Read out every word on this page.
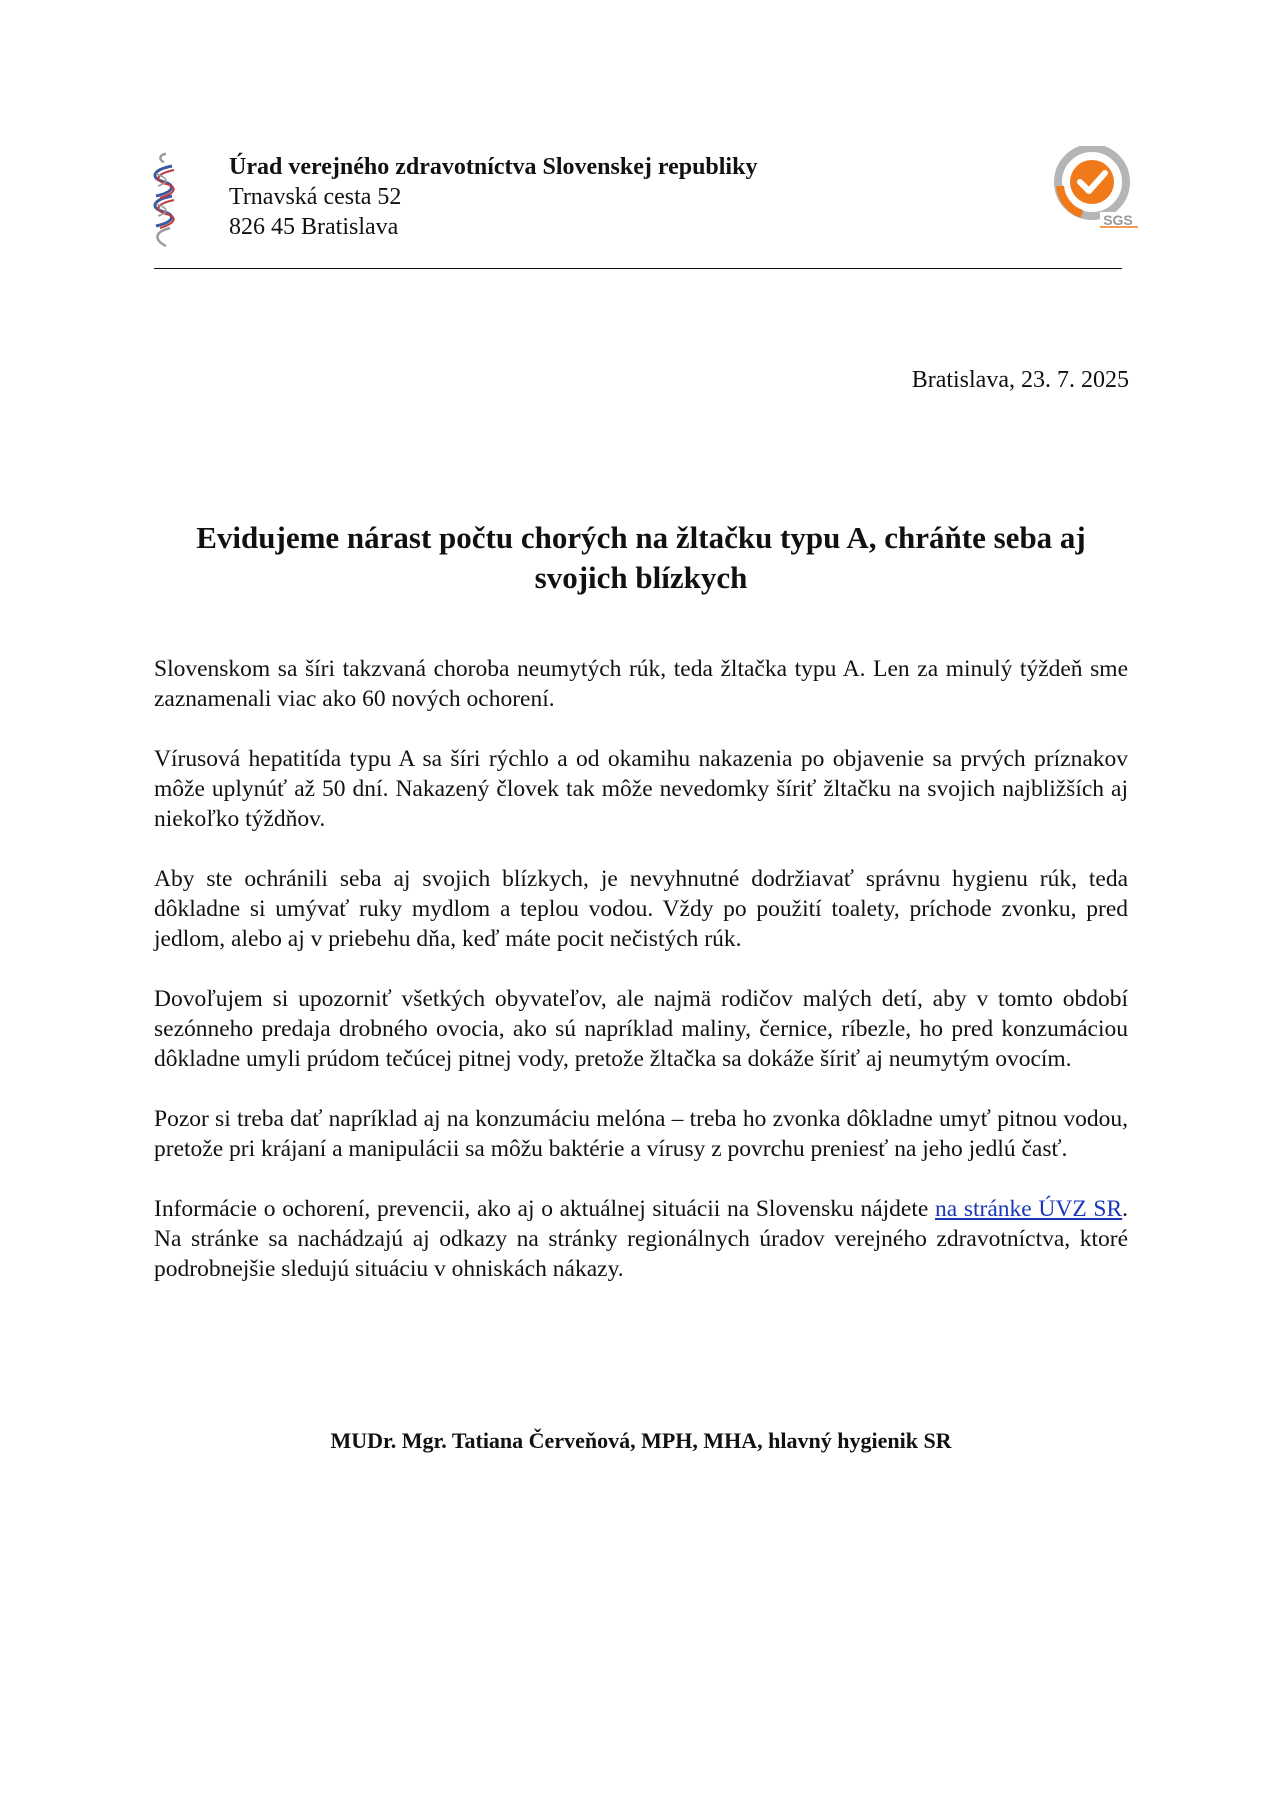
Úrad verejného zdravotníctva Slovenskej republiky
Trnavská cesta 52
826 45 Bratislava	SGS
Bratislava, 23. 7. 2025
Evidujeme nárast počtu chorých na žltačku typu A, chráňte seba aj svojich blízkych

Slovenskom sa šíri takzvaná choroba neumytých rúk, teda žltačka typu A. Len za minulý týždeň sme zaznamenali viac ako 60 nových ochorení.

Vírusová hepatitída typu A sa šíri rýchlo a od okamihu nakazenia po objavenie sa prvých príznakov môže uplynúť až 50 dní. Nakazený človek tak môže nevedomky šíriť žltačku na svojich najbližších aj niekoľko týždňov.

Aby ste ochránili seba aj svojich blízkych, je nevyhnutné dodržiavať správnu hygienu rúk, teda dôkladne si umývať ruky mydlom a teplou vodou. Vždy po použití toalety, príchode zvonku, pred jedlom, alebo aj v priebehu dňa, keď máte pocit nečistých rúk.

Dovoľujem si upozorniť všetkých obyvateľov, ale najmä rodičov malých detí, aby v tomto období sezónneho predaja drobného ovocia, ako sú napríklad maliny, černice, ríbezle, ho pred konzumáciou dôkladne umyli prúdom tečúcej pitnej vody, pretože žltačka sa dokáže šíriť aj neumytým ovocím.

Pozor si treba dať napríklad aj na konzumáciu melóna – treba ho zvonka dôkladne umyť pitnou vodou, pretože pri krájaní a manipulácii sa môžu baktérie a vírusy z povrchu preniesť na jeho jedlú časť.

Informácie o ochorení, prevencii, ako aj o aktuálnej situácii na Slovensku nájdete na stránke ÚVZ SR. Na stránke sa nachádzajú aj odkazy na stránky regionálnych úradov verejného zdravotníctva, ktoré podrobnejšie sledujú situáciu v ohniskách nákazy.

MUDr. Mgr. Tatiana Červeňová, MPH, MHA, hlavný hygienik SR
